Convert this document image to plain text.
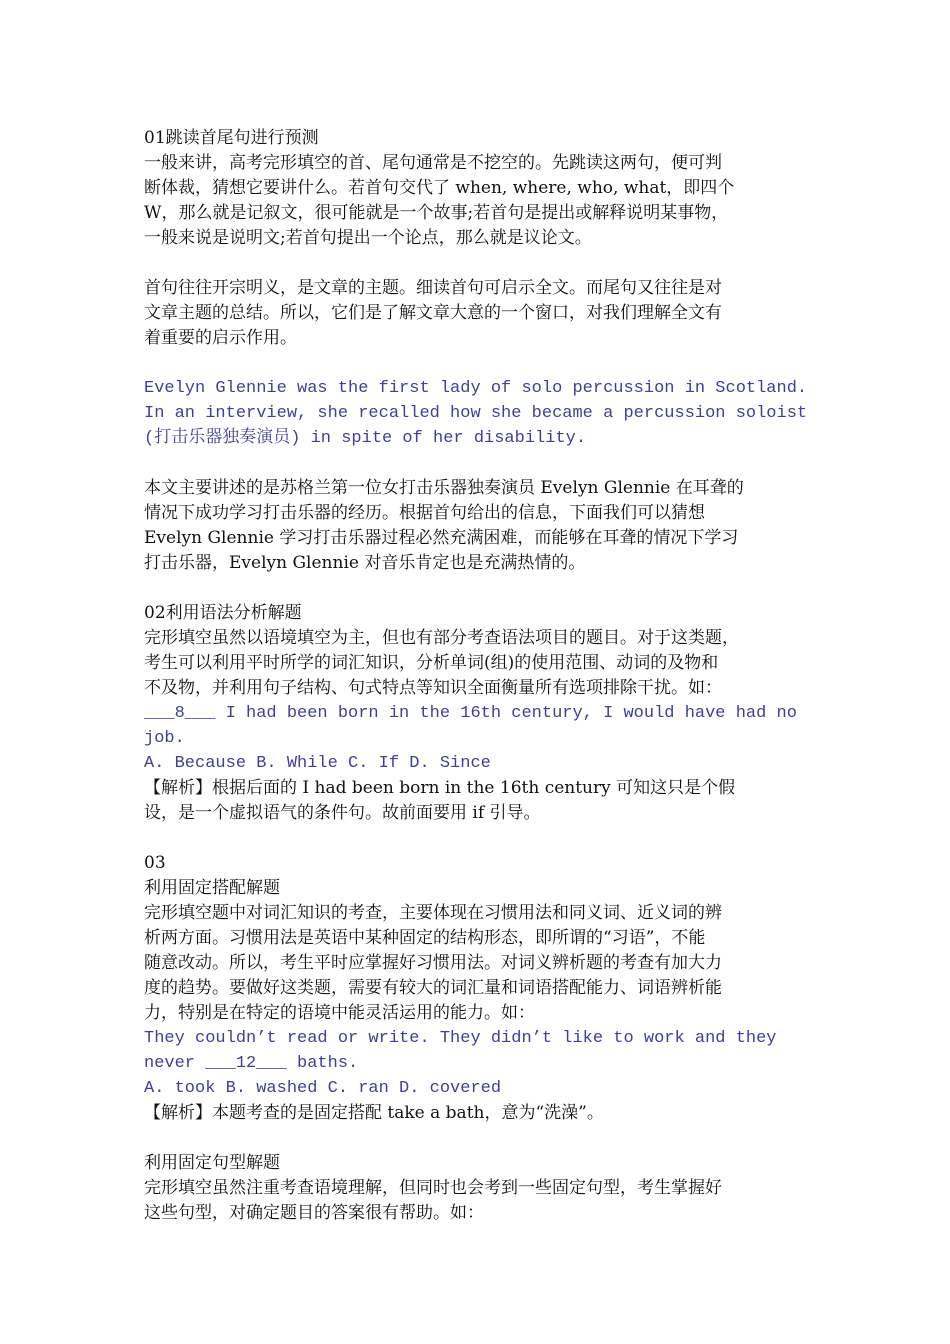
01跳读首尾句进行预测

一般来讲，高考完形填空的首、尾句通常是不挖空的。先跳读这两句，便可判

断体裁，猜想它要讲什么。若首句交代了 when, where, who, what，即四个

W，那么就是记叙文，很可能就是一个故事;若首句是提出或解释说明某事物，

一般来说是说明文;若首句提出一个论点，那么就是议论文。

首句往往开宗明义，是文章的主题。细读首句可启示全文。而尾句又往往是对

文章主题的总结。所以，它们是了解文章大意的一个窗口，对我们理解全文有

着重要的启示作用。

Evelyn Glennie was the first lady of solo percussion in Scotland.

In an interview, she recalled how she became a percussion soloist

(打击乐器独奏演员) in spite of her disability.

本文主要讲述的是苏格兰第一位女打击乐器独奏演员 Evelyn Glennie 在耳聋的

情况下成功学习打击乐器的经历。根据首句给出的信息，下面我们可以猜想

Evelyn Glennie 学习打击乐器过程必然充满困难，而能够在耳聋的情况下学习

打击乐器，Evelyn Glennie 对音乐肯定也是充满热情的。

02利用语法分析解题

完形填空虽然以语境填空为主，但也有部分考查语法项目的题目。对于这类题，

考生可以利用平时所学的词汇知识，分析单词(组)的使用范围、动词的及物和

不及物，并利用句子结构、句式特点等知识全面衡量所有选项排除干扰。如：

___8___ I had been born in the 16th century, I would have had no

job.

A. Because B. While C. If D. Since

【解析】根据后面的 I had been born in the 16th century 可知这只是个假

设，是一个虚拟语气的条件句。故前面要用 if 引导。

03

利用固定搭配解题

完形填空题中对词汇知识的考查，主要体现在习惯用法和同义词、近义词的辨

析两方面。习惯用法是英语中某种固定的结构形态，即所谓的“习语”，不能

随意改动。所以，考生平时应掌握好习惯用法。对词义辨析题的考查有加大力

度的趋势。要做好这类题，需要有较大的词汇量和词语搭配能力、词语辨析能

力，特别是在特定的语境中能灵活运用的能力。如：

They couldn’t read or write. They didn’t like to work and they

never ___12___ baths.

A. took B. washed C. ran D. covered

【解析】本题考查的是固定搭配 take a bath，意为“洗澡”。

利用固定句型解题

完形填空虽然注重考查语境理解，但同时也会考到一些固定句型，考生掌握好

这些句型，对确定题目的答案很有帮助。如：
